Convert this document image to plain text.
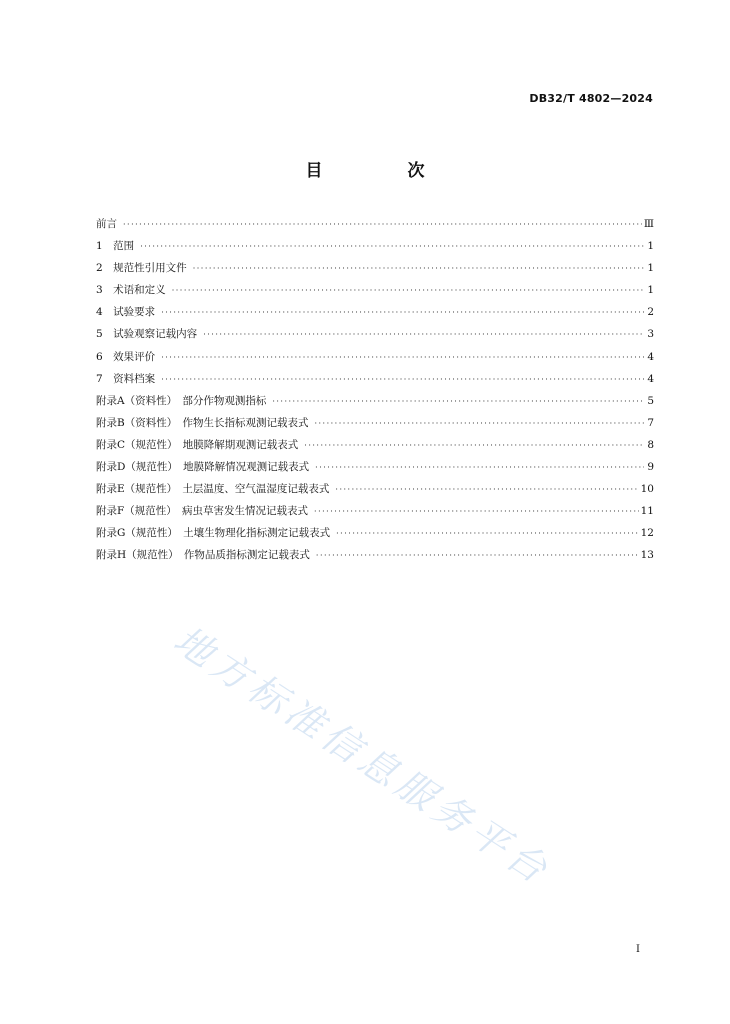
DB32/T 4802—2024
目　次
前言 ·····	Ⅲ
1　范围 ·····	1
2　规范性引用文件 ·····	1
3　术语和定义 ·····	1
4　试验要求 ·····	2
5　试验观察记载内容 ·····	3
6　效果评价 ·····	4
7　资料档案 ·····	4
附录A（资料性）　部分作物观测指标 ·····	5
附录B（资料性）　作物生长指标观测记载表式 ·····	7
附录C（规范性）　地膜降解期观测记载表式 ·····	8
附录D（规范性）　地膜降解情况观测记载表式 ·····	9
附录E（规范性）　土层温度、空气温湿度记载表式 ·····	10
附录F（规范性）　病虫草害发生情况记载表式 ·····	11
附录G（规范性）　土壤生物理化指标测定记载表式 ·····	12
附录H（规范性）　作物品质指标测定记载表式 ·····	13
地方标准信息服务平台
I
